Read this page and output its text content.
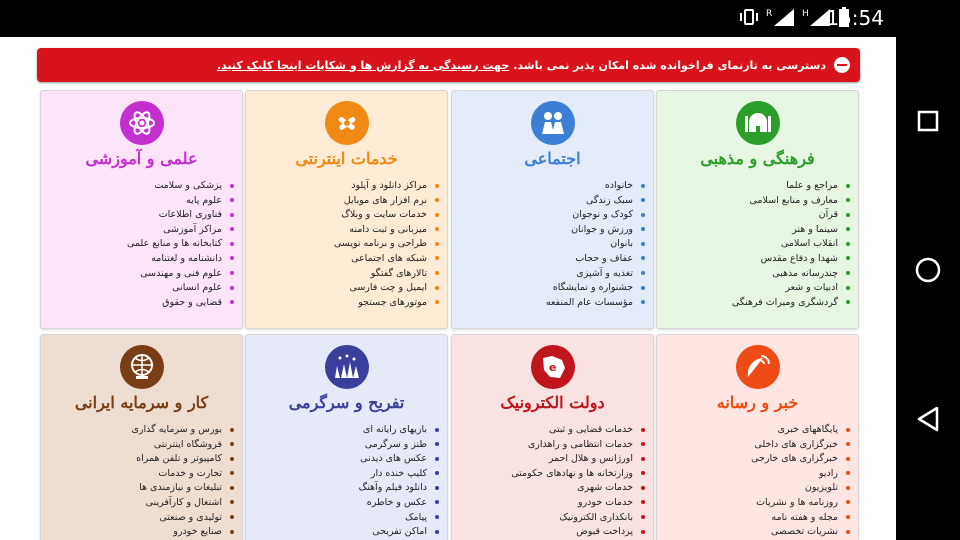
R	H 15:54
دسترسی به تارنمای فراخوانده شده امکان پذیر نمی باشد.
جهت رسیدگی به گزارش ها و شکایات اینجا کلیک کنید.
فرهنگی و مذهبی
مراجع و علما
معارف و منابع اسلامی
قرآن
سینما و هنر
انقلاب اسلامی
شهدا و دفاع مقدس
چندرسانه مذهبی
ادبیات و شعر
گردشگری ومیراث فرهنگی
اجتماعی
خانواده
سبک زندگی
کودک و نوجوان
ورزش و جوانان
بانوان
عفاف و حجاب
تغذیه و آشپزی
جشنواره و نمایشگاه
مؤسسات عام المنفعه
خدمات اینترنتی
مراکز دانلود و آپلود
نرم افزار های موبایل
خدمات سایت و وبلاگ
میزبانی و ثبت دامنه
طراحی و برنامه نویسی
شبکه های اجتماعی
تالارهای گفتگو
ایمیل و چت فارسی
موتورهای جستجو
علمی و آموزشی
پزشکی و سلامت
علوم پایه
فناوری اطلاعات
مراکز آموزشی
کتابخانه ها و منابع علمی
دانشنامه و لغتنامه
علوم فنی و مهندسی
علوم انسانی
قضایی و حقوق
خبر و رسانه
پایگاههای خبری
خبرگزاری های داخلی
خبرگزاری های خارجی
رادیو
تلویزیون
روزنامه ها و نشریات
مجله و هفته نامه
نشریات تخصصی
e
دولت الکترونیک
خدمات قضایی و ثبتی
خدمات انتظامی و راهداری
اورژانس و هلال احمر
وزارتخانه ها و نهادهای حکومتی
خدمات شهری
خدمات خودرو
بانکداری الکترونیک
پرداخت قبوض
تفریح و سرگرمی
بازیهای رایانه ای
طنز و سرگرمی
عکس های دیدنی
کلیپ خنده دار
دانلود فیلم وآهنگ
عکس و خاطره
پیامک
اماکن تفریحی
کار و سرمایه ایرانی
بورس و سرمایه گذاری
فروشگاه اینترنتی
کامپیوتر و تلفن همراه
تجارت و خدمات
تبلیغات و نیازمندی ها
اشتغال و کارآفرینی
تولیدی و صنعتی
صنایع خودرو
